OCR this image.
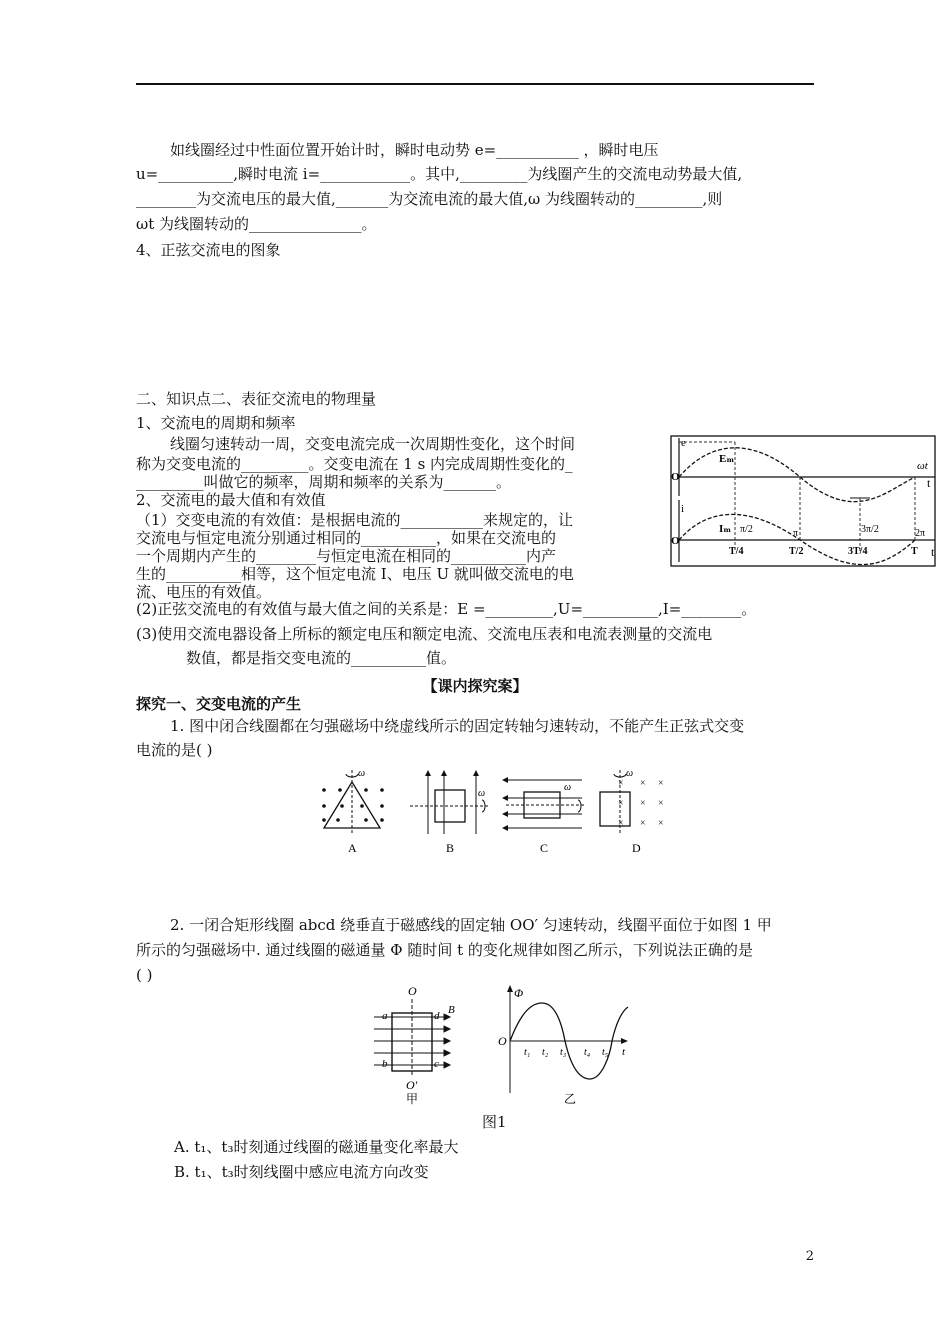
如线圈经过中性面位置开始计时，瞬时电动势 e=___________ ，瞬时电压
u=__________,瞬时电流 i=____________。其中,_________为线圈产生的交流电动势最大值,
________为交流电压的最大值,_______为交流电流的最大值,ω 为线圈转动的_________,则
ωt 为线圈转动的_______________。
4、正弦交流电的图象
二、知识点二、表征交流电的物理量
1、交流电的周期和频率
线圈匀速转动一周，交变电流完成一次周期性变化，这个时间
称为交变电流的_________。交变电流在 1 s 内完成周期性变化的_
_________叫做它的频率，周期和频率的关系为_______。
2、交流电的最大值和有效值
（1）交变电流的有效值：是根据电流的___________来规定的，让
交流电与恒定电流分别通过相同的__________，如果在交流电的
一个周期内产生的________与恒定电流在相同的__________内产
生的__________相等，这个恒定电流 I、电压 U 就叫做交流电的电
流、电压的有效值。
(2)正弦交流电的有效值与最大值之间的关系是：E =_________,U=__________,I=________。
(3)使用交流电器设备上所标的额定电压和额定电流、交流电压表和电流表测量的交流电
数值，都是指交变电流的__________值。
e
ωt
t
O
Eₘ
i
O
t
Iₘ π/2	π	3π/2	2π
T/4	T/2	3T/4	T
【课内探究案】
探究一、交变电流的产生
1. 图中闭合线圈都在匀强磁场中绕虚线所示的固定转轴匀速转动，不能产生正弦式交变
电流的是( )
ω
A
ω
B
ω
C
ω
× × ×
× × ×
× × ×
D
2. 一闭合矩形线圈 abcd 绕垂直于磁感线的固定轴 OO′ 匀速转动，线圈平面位于如图 1 甲
所示的匀强磁场中. 通过线圈的磁通量 Φ 随时间 t 的变化规律如图乙所示，下列说法正确的是
( )
O
O′
a	d
b	c
B
甲
Φ
O
t
t₁ t₂ t₃ t₄ t₅
乙
图1
A. t₁、t₃时刻通过线圈的磁通量变化率最大
B. t₁、t₃时刻线圈中感应电流方向改变
2
